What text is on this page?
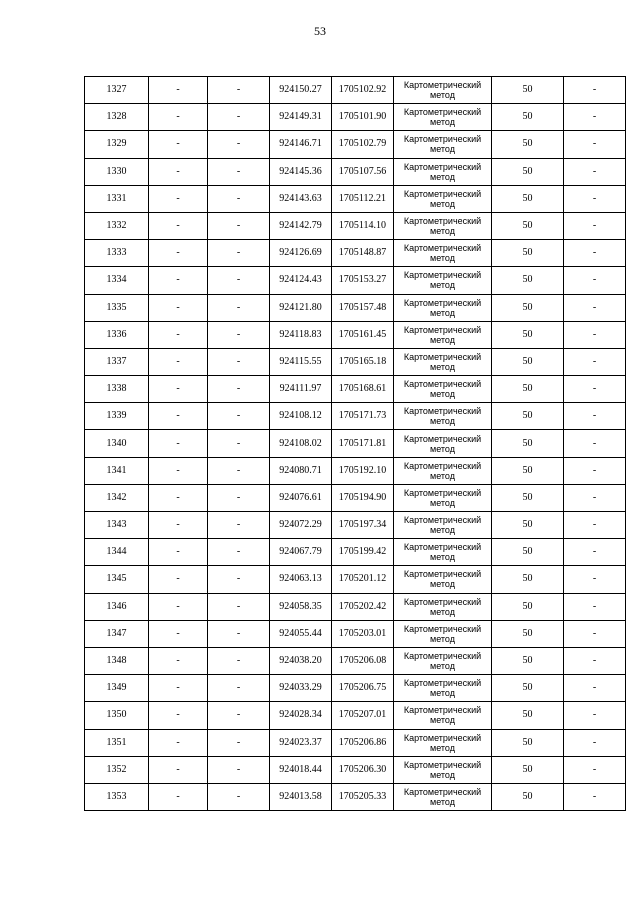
53
1327	-	-	924150.27	1705102.92	Картометрический метод	50	-
1328	-	-	924149.31	1705101.90	Картометрический метод	50	-
1329	-	-	924146.71	1705102.79	Картометрический метод	50	-
1330	-	-	924145.36	1705107.56	Картометрический метод	50	-
1331	-	-	924143.63	1705112.21	Картометрический метод	50	-
1332	-	-	924142.79	1705114.10	Картометрический метод	50	-
1333	-	-	924126.69	1705148.87	Картометрический метод	50	-
1334	-	-	924124.43	1705153.27	Картометрический метод	50	-
1335	-	-	924121.80	1705157.48	Картометрический метод	50	-
1336	-	-	924118.83	1705161.45	Картометрический метод	50	-
1337	-	-	924115.55	1705165.18	Картометрический метод	50	-
1338	-	-	924111.97	1705168.61	Картометрический метод	50	-
1339	-	-	924108.12	1705171.73	Картометрический метод	50	-
1340	-	-	924108.02	1705171.81	Картометрический метод	50	-
1341	-	-	924080.71	1705192.10	Картометрический метод	50	-
1342	-	-	924076.61	1705194.90	Картометрический метод	50	-
1343	-	-	924072.29	1705197.34	Картометрический метод	50	-
1344	-	-	924067.79	1705199.42	Картометрический метод	50	-
1345	-	-	924063.13	1705201.12	Картометрический метод	50	-
1346	-	-	924058.35	1705202.42	Картометрический метод	50	-
1347	-	-	924055.44	1705203.01	Картометрический метод	50	-
1348	-	-	924038.20	1705206.08	Картометрический метод	50	-
1349	-	-	924033.29	1705206.75	Картометрический метод	50	-
1350	-	-	924028.34	1705207.01	Картометрический метод	50	-
1351	-	-	924023.37	1705206.86	Картометрический метод	50	-
1352	-	-	924018.44	1705206.30	Картометрический метод	50	-
1353	-	-	924013.58	1705205.33	Картометрический метод	50	-
